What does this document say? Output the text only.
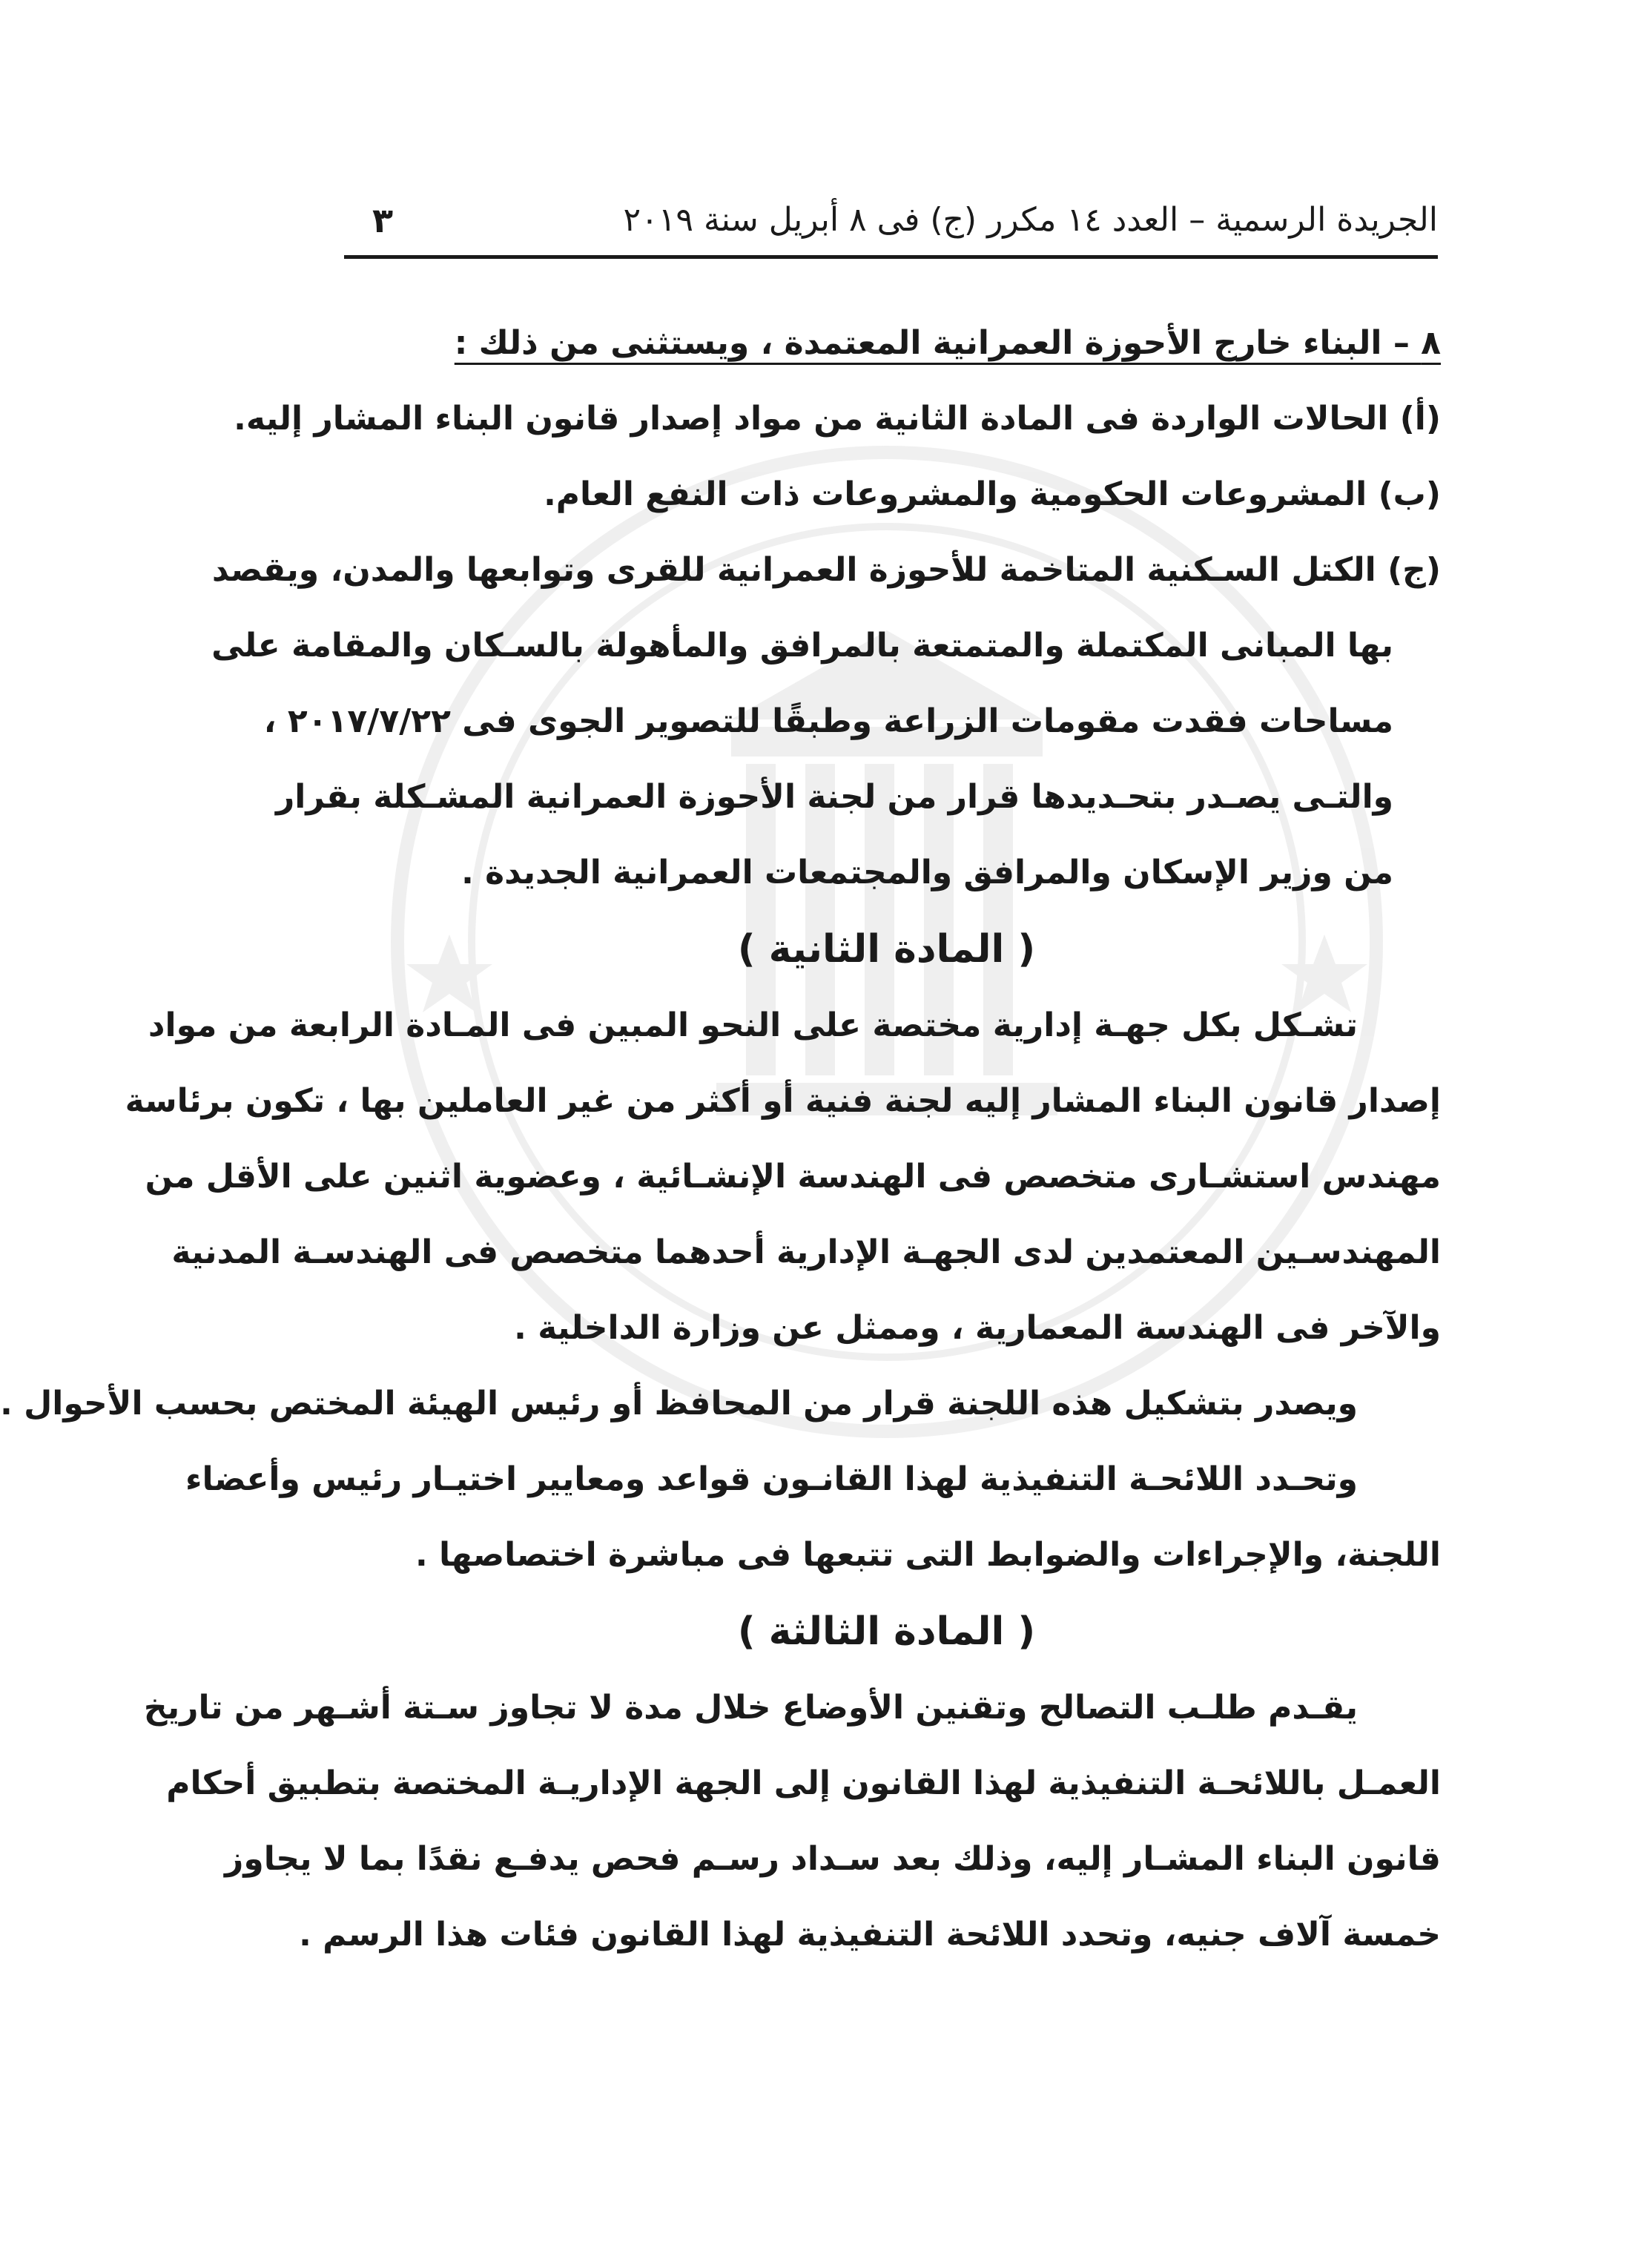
الجريدة الرسمية – العدد ١٤ مكرر (ج) فى ٨ أبريل سنة ٢٠١٩
٣
٨ – البناء خارج الأحوزة العمرانية المعتمدة ، ويستثنى من ذلك :
(أ) الحالات الواردة فى المادة الثانية من مواد إصدار قانون البناء المشار إليه.
(ب) المشروعات الحكومية والمشروعات ذات النفع العام.
(ج) الكتل السـكنية المتاخمة للأحوزة العمرانية للقرى وتوابعها والمدن، ويقصد
بها المبانى المكتملة والمتمتعة بالمرافق والمأهولة بالسـكان والمقامة على
مساحات فقدت مقومات الزراعة وطبقًا للتصوير الجوى فى ٢٠١٧/٧/٢٢ ،
والتـى يصـدر بتحـديدها قرار من لجنة الأحوزة العمرانية المشـكلة بقرار
من وزير الإسكان والمرافق والمجتمعات العمرانية الجديدة .
( المادة الثانية )
تشـكل بكل جهـة إدارية مختصة على النحو المبين فى المـادة الرابعة من مواد
إصدار قانون البناء المشار إليه لجنة فنية أو أكثر من غير العاملين بها ، تكون برئاسة
مهندس استشـارى متخصص فى الهندسة الإنشـائية ، وعضوية اثنين على الأقل من
المهندسـين المعتمدين لدى الجهـة الإدارية أحدهما متخصص فى الهندسـة المدنية
والآخر فى الهندسة المعمارية ، وممثل عن وزارة الداخلية .
ويصدر بتشكيل هذه اللجنة قرار من المحافظ أو رئيس الهيئة المختص بحسب الأحوال .
وتحـدد اللائحـة التنفيذية لهذا القانـون قواعد ومعايير اختيـار رئيس وأعضاء
اللجنة، والإجراءات والضوابط التى تتبعها فى مباشرة اختصاصها .
( المادة الثالثة )
يقـدم طلـب التصالح وتقنين الأوضاع خلال مدة لا تجاوز سـتة أشـهر من تاريخ
العمـل باللائحـة التنفيذية لهذا القانون إلى الجهة الإداريـة المختصة بتطبيق أحكام
قانون البناء المشـار إليه، وذلك بعد سـداد رسـم فحص يدفـع نقدًا بما لا يجاوز
خمسة آلاف جنيه، وتحدد اللائحة التنفيذية لهذا القانون فئات هذا الرسم .
